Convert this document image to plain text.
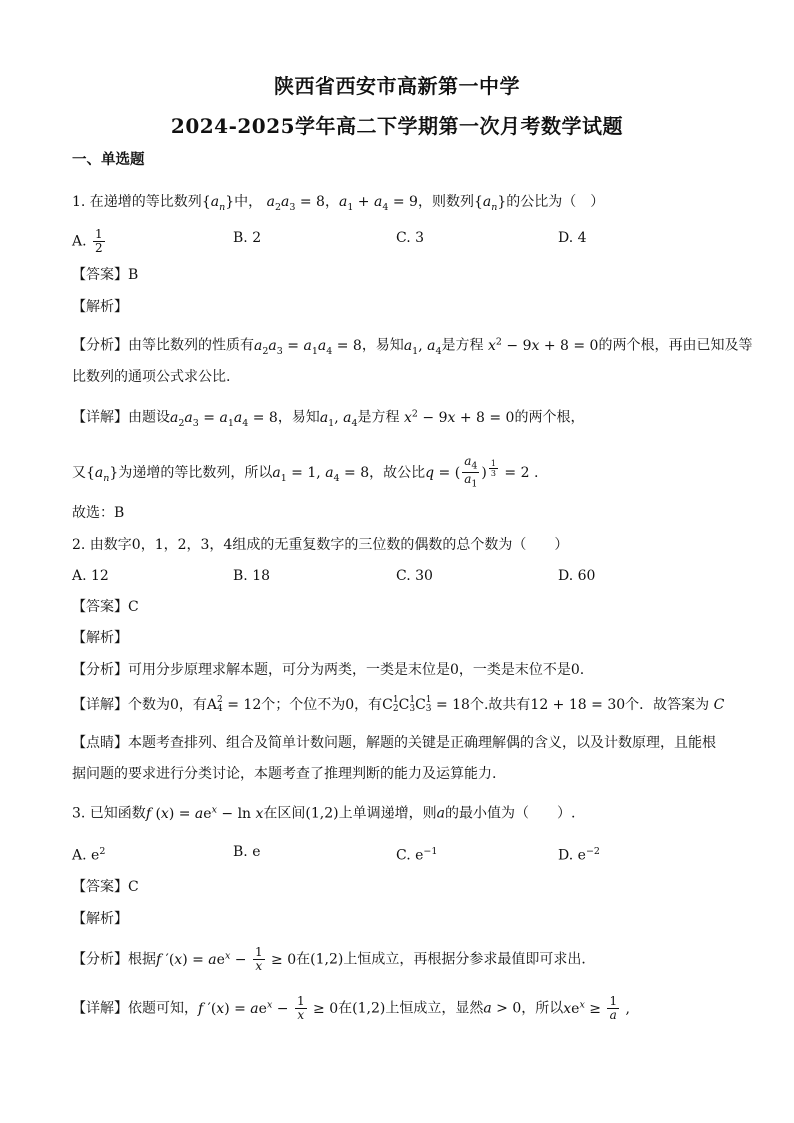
陕西省西安市高新第一中学
2024-2025学年高二下学期第一次月考数学试题
一、单选题
1. 在递增的等比数列$\{a_n\}$中， $a_2a_3 = 8$，$a_1 + a_4 = 9$，则数列$\{a_n\}$的公比为（　）
A. $\frac{1}{2}$	B. 2	C. 3	D. 4
【答案】B
【解析】
【分析】由等比数列的性质有$a_2a_3 = a_1a_4 = 8$，易知$a_1$, $a_4$是方程 $x^2 - 9x + 8 = 0$的两个根，再由已知及等
比数列的通项公式求公比.
【详解】由题设$a_2a_3 = a_1a_4 = 8$，易知$a_1$, $a_4$是方程 $x^2 - 9x + 8 = 0$的两个根，
又$\{a_n\}$为递增的等比数列，所以$a_1 = 1$, $a_4 = 8$，故公比q = ( $\frac{a_4}{a_1}$ ) $^{\frac{1}{3}}$ = 2 .
故选：B
2. 由数字0，1，2，3，4组成的无重复数字的三位数的偶数的总个数为（　　）
A. 12	B. 18	C. 30	D. 60
【答案】C
【解析】
【分析】可用分步原理求解本题，可分为两类，一类是末位是0，一类是末位不是0.
【详解】个数为0，有A 2
4 = 12个；个位不为0，有C 1
2 C 1
3 C 1
3 = 18个.故共有12 + 18 = 30个．故答案为 C
【点睛】本题考查排列、组合及简单计数问题，解题的关键是正确理解偶的含义，以及计数原理，且能根
据问题的要求进行分类讨论，本题考查了推理判断的能力及运算能力.
3. 已知函数f $(x) = ae^x - \ln x$在区间(1,2)上单调递增，则a的最小值为（　　）.
A. $e^2$	B. e	C. $e^{-1}$	D. $e^{-2}$
【答案】C
【解析】
【分析】根据f $'(x) = ae^x - \frac{1}{x} \ge 0$在(1,2)上恒成立，再根据分参求最值即可求出．
【详解】依题可知，f $'(x) = ae^x - \frac{1}{x} \ge 0$在(1,2)上恒成立，显然a > 0，所以$xe^x \ge \frac{1}{a}$ ,
